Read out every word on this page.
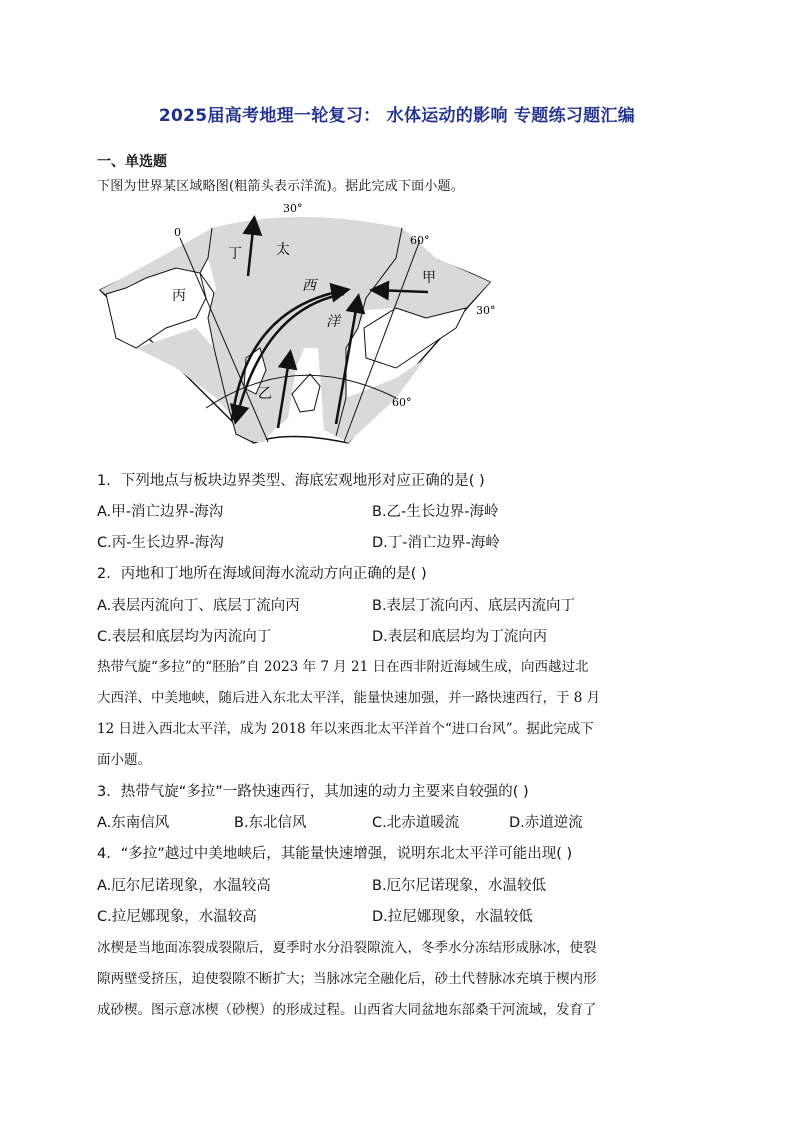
2025届高考地理一轮复习： 水体运动的影响 专题练习题汇编
一、单选题
下图为世界某区域略图(粗箭头表示洋流)。据此完成下面小题。
30°
0
60°
30°
60°
太
西
洋
甲
乙
丙
丁
1．下列地点与板块边界类型、海底宏观地形对应正确的是( )
A.甲-消亡边界-海沟	B.乙-生长边界-海岭
C.丙-生长边界-海沟	D.丁-消亡边界-海岭
2．丙地和丁地所在海域间海水流动方向正确的是( )
A.表层丙流向丁、底层丁流向丙	B.表层丁流向丙、底层丙流向丁
C.表层和底层均为丙流向丁	D.表层和底层均为丁流向丙
热带气旋“多拉”的“胚胎”自 2023 年 7 月 21 日在西非附近海域生成，向西越过北
大西洋、中美地峡，随后进入东北太平洋，能量快速加强，并一路快速西行，于 8 月
12 日进入西北太平洋，成为 2018 年以来西北太平洋首个“进口台风”。据此完成下
面小题。
3．热带气旋“多拉”一路快速西行，其加速的动力主要来自较强的( )
A.东南信风	B.东北信风	C.北赤道暖流	D.赤道逆流
4．“多拉”越过中美地峡后，其能量快速增强，说明东北太平洋可能出现( )
A.厄尔尼诺现象，水温较高	B.厄尔尼诺现象，水温较低
C.拉尼娜现象，水温较高	D.拉尼娜现象，水温较低
冰楔是当地面冻裂成裂隙后，夏季时水分沿裂隙流入，冬季水分冻结形成脉冰，使裂
隙两壁受挤压，迫使裂隙不断扩大；当脉冰完全融化后，砂土代替脉冰充填于楔内形
成砂楔。图示意冰楔（砂楔）的形成过程。山西省大同盆地东部桑干河流域，发育了
